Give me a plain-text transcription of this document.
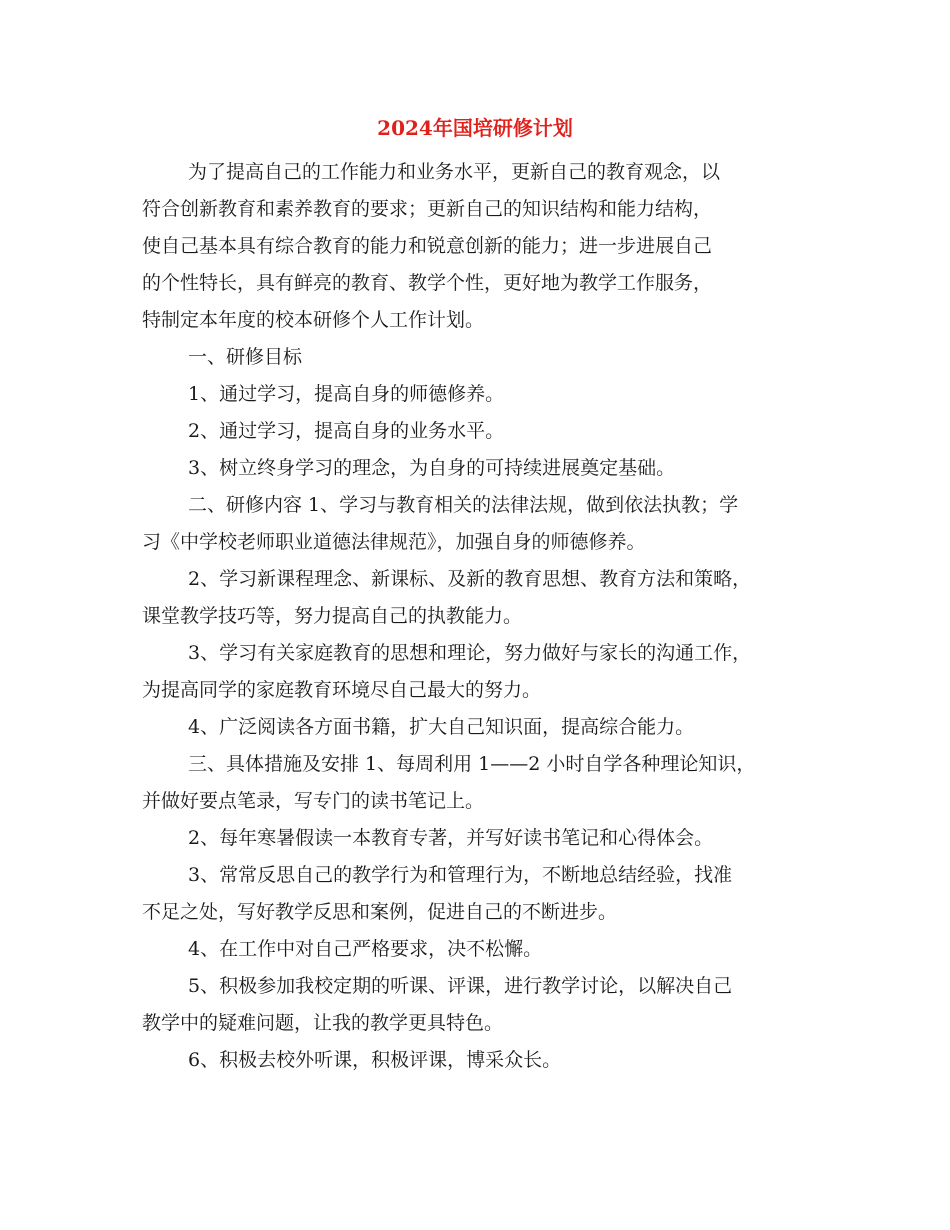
2024年国培研修计划

为了提高自己的工作能力和业务水平，更新自己的教育观念，以

符合创新教育和素养教育的要求；更新自己的知识结构和能力结构，

使自己基本具有综合教育的能力和锐意创新的能力；进一步进展自己

的个性特长，具有鲜亮的教育、教学个性，更好地为教学工作服务，

特制定本年度的校本研修个人工作计划。

一、研修目标

1、通过学习，提高自身的师德修养。

2、通过学习，提高自身的业务水平。

3、树立终身学习的理念，为自身的可持续进展奠定基础。

二、研修内容 1、学习与教育相关的法律法规，做到依法执教；学

习《中学校老师职业道德法律规范》，加强自身的师德修养。

2、学习新课程理念、新课标、及新的教育思想、教育方法和策略，

课堂教学技巧等，努力提高自己的执教能力。

3、学习有关家庭教育的思想和理论，努力做好与家长的沟通工作，

为提高同学的家庭教育环境尽自己最大的努力。

4、广泛阅读各方面书籍，扩大自己知识面，提高综合能力。

三、具体措施及安排 1、每周利用 1——2 小时自学各种理论知识，

并做好要点笔录，写专门的读书笔记上。

2、每年寒暑假读一本教育专著，并写好读书笔记和心得体会。

3、常常反思自己的教学行为和管理行为，不断地总结经验，找准

不足之处，写好教学反思和案例，促进自己的不断进步。

4、在工作中对自己严格要求，决不松懈。

5、积极参加我校定期的听课、评课，进行教学讨论，以解决自己

教学中的疑难问题，让我的教学更具特色。

6、积极去校外听课，积极评课，博采众长。
